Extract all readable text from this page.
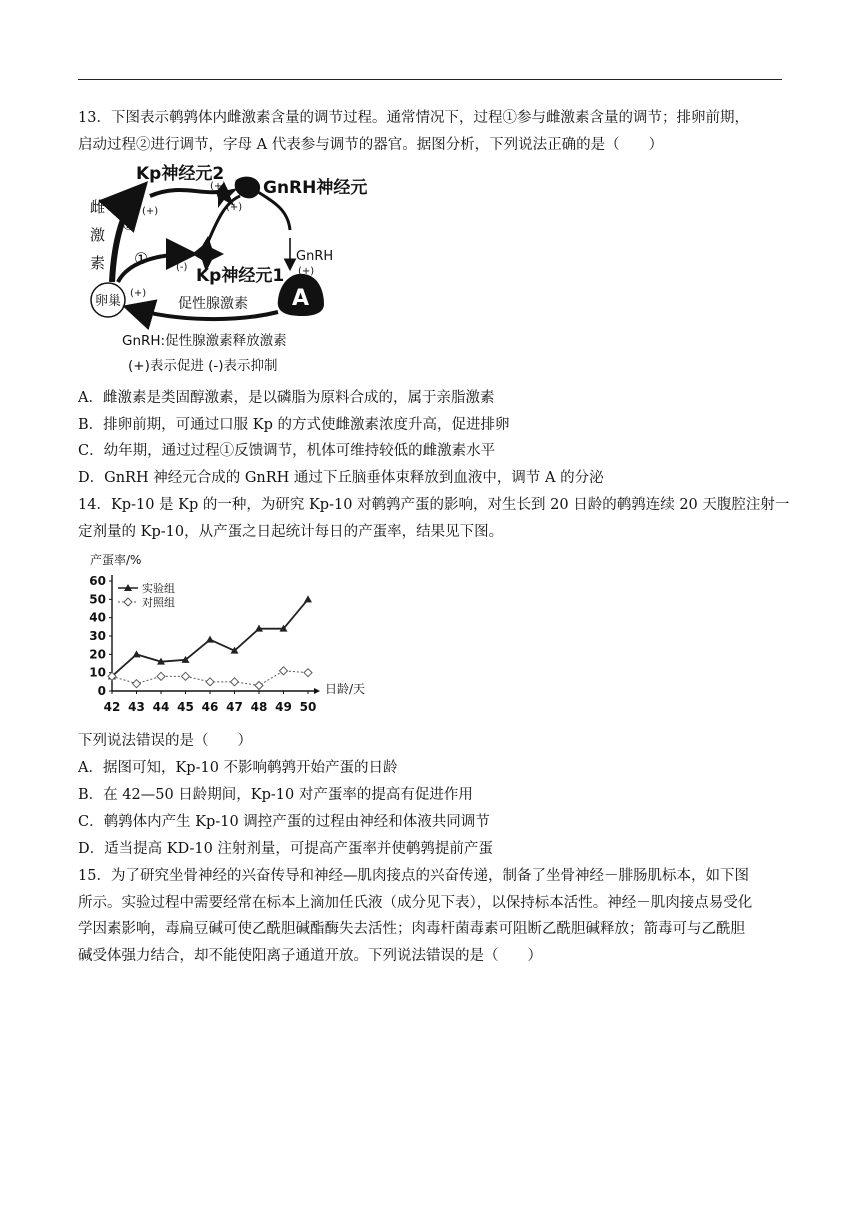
13．下图表示鹌鹑体内雌激素含量的调节过程。通常情况下，过程①参与雌激素含量的调节；排卵前期，
启动过程②进行调节，字母 A 代表参与调节的器官。据图分析，下列说法正确的是（　　）
Kp神经元2
GnRH神经元
A
卵巢
雌
激
素
②
(+)
①	(-) Kp神经元1
(+)
(+)
GnRH
(+)
促性腺激素
(+)
GnRH:促性腺激素释放激素
(+)表示促进 (-)表示抑制
A．雌激素是类固醇激素，是以磷脂为原料合成的，属于亲脂激素
B．排卵前期，可通过口服 Kp 的方式使雌激素浓度升高，促进排卵
C．幼年期，通过过程①反馈调节，机体可维持较低的雌激素水平
D．GnRH 神经元合成的 GnRH 通过下丘脑垂体束释放到血液中，调节 A 的分泌
14．Kp-10 是 Kp 的一种，为研究 Kp-10 对鹌鹑产蛋的影响，对生长到 20 日龄的鹌鹑连续 20 天腹腔注射一
定剂量的 Kp-10，从产蛋之日起统计每日的产蛋率，结果见下图。
产蛋率/%
日龄/天
0
10
20
30
40
50
60
42 43 44 45 46 47 48 49 50
实验组
对照组
下列说法错误的是（　　）
A．据图可知，Kp-10 不影响鹌鹑开始产蛋的日龄
B．在 42—50 日龄期间，Kp-10 对产蛋率的提高有促进作用
C．鹌鹑体内产生 Kp-10 调控产蛋的过程由神经和体液共同调节
D．适当提高 KD-10 注射剂量，可提高产蛋率并使鹌鹑提前产蛋
15．为了研究坐骨神经的兴奋传导和神经—肌肉接点的兴奋传递，制备了坐骨神经－腓肠肌标本，如下图
所示。实验过程中需要经常在标本上滴加任氏液（成分见下表），以保持标本活性。神经－肌肉接点易受化
学因素影响，毒扁豆碱可使乙酰胆碱酯酶失去活性；肉毒杆菌毒素可阻断乙酰胆碱释放；箭毒可与乙酰胆
碱受体强力结合，却不能使阳离子通道开放。下列说法错误的是（　　）
